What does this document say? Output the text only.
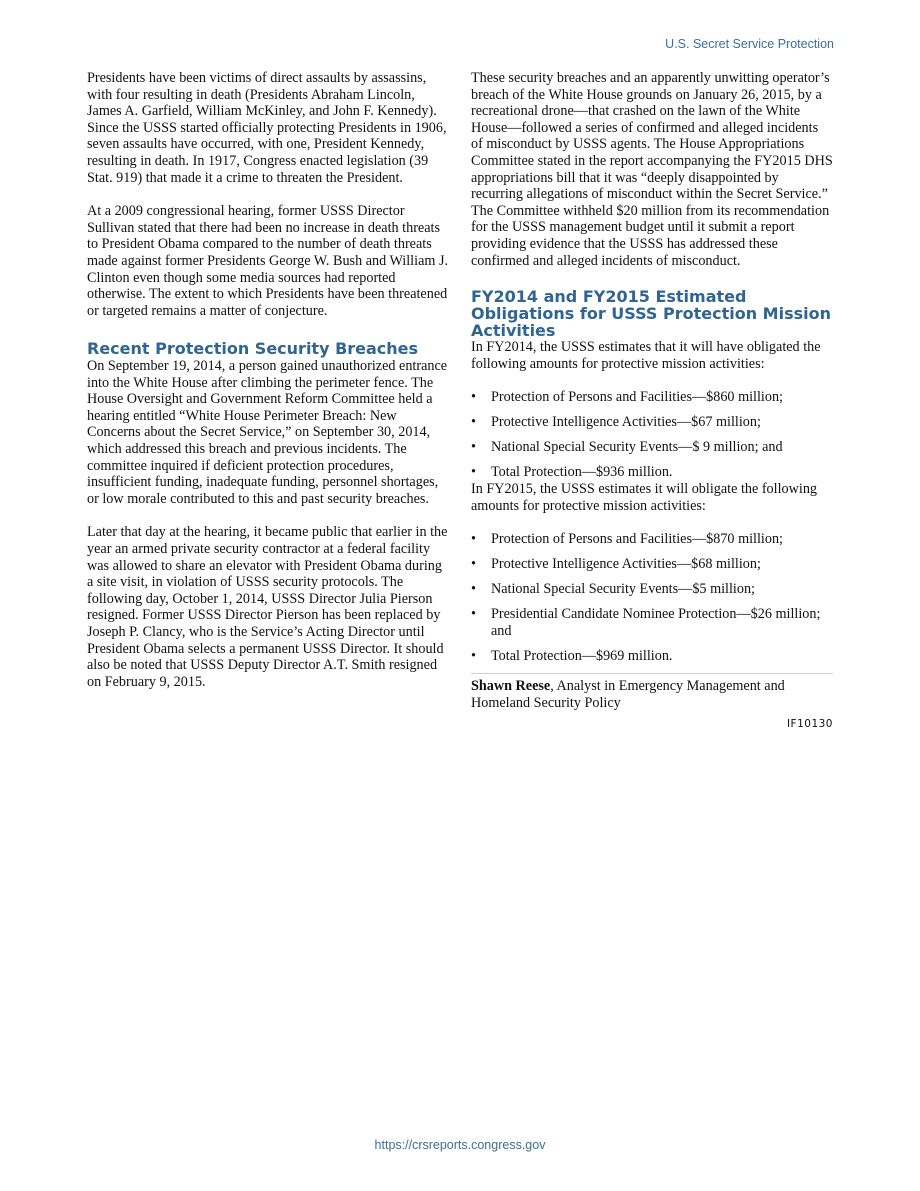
U.S. Secret Service Protection

Presidents have been victims of direct assaults by assassins, with four resulting in death (Presidents Abraham Lincoln, James A. Garfield, William McKinley, and John F. Kennedy). Since the USSS started officially protecting Presidents in 1906, seven assaults have occurred, with one, President Kennedy, resulting in death. In 1917, Congress enacted legislation (39 Stat. 919) that made it a crime to threaten the President.

At a 2009 congressional hearing, former USSS Director Sullivan stated that there had been no increase in death threats to President Obama compared to the number of death threats made against former Presidents George W. Bush and William J. Clinton even though some media sources had reported otherwise. The extent to which Presidents have been threatened or targeted remains a matter of conjecture.

Recent Protection Security Breaches

On September 19, 2014, a person gained unauthorized entrance into the White House after climbing the perimeter fence. The House Oversight and Government Reform Committee held a hearing entitled “White House Perimeter Breach: New Concerns about the Secret Service,” on September 30, 2014, which addressed this breach and previous incidents. The committee inquired if deficient protection procedures, insufficient funding, inadequate funding, personnel shortages, or low morale contributed to this and past security breaches.

Later that day at the hearing, it became public that earlier in the year an armed private security contractor at a federal facility was allowed to share an elevator with President Obama during a site visit, in violation of USSS security protocols. The following day, October 1, 2014, USSS Director Julia Pierson resigned. Former USSS Director Pierson has been replaced by Joseph P. Clancy, who is the Service’s Acting Director until President Obama selects a permanent USSS Director. It should also be noted that USSS Deputy Director A.T. Smith resigned on February 9, 2015.

These security breaches and an apparently unwitting operator’s breach of the White House grounds on January 26, 2015, by a recreational drone—that crashed on the lawn of the White House—followed a series of confirmed and alleged incidents of misconduct by USSS agents. The House Appropriations Committee stated in the report accompanying the FY2015 DHS appropriations bill that it was “deeply disappointed by recurring allegations of misconduct within the Secret Service.” The Committee withheld $20 million from its recommendation for the USSS management budget until it submit a report providing evidence that the USSS has addressed these confirmed and alleged incidents of misconduct.

FY2014 and FY2015 Estimated Obligations for USSS Protection Mission Activities

In FY2014, the USSS estimates that it will have obligated the following amounts for protective mission activities:

• Protection of Persons and Facilities—$860 million;
• Protective Intelligence Activities—$67 million;
• National Special Security Events—$ 9 million; and
• Total Protection—$936 million.

In FY2015, the USSS estimates it will obligate the following amounts for protective mission activities:

• Protection of Persons and Facilities—$870 million;
• Protective Intelligence Activities—$68 million;
• National Special Security Events—$5 million;
• Presidential Candidate Nominee Protection—$26 million; and
• Total Protection—$969 million.
Shawn Reese, Analyst in Emergency Management and Homeland Security Policy
IF10130
https://crsreports.congress.gov
